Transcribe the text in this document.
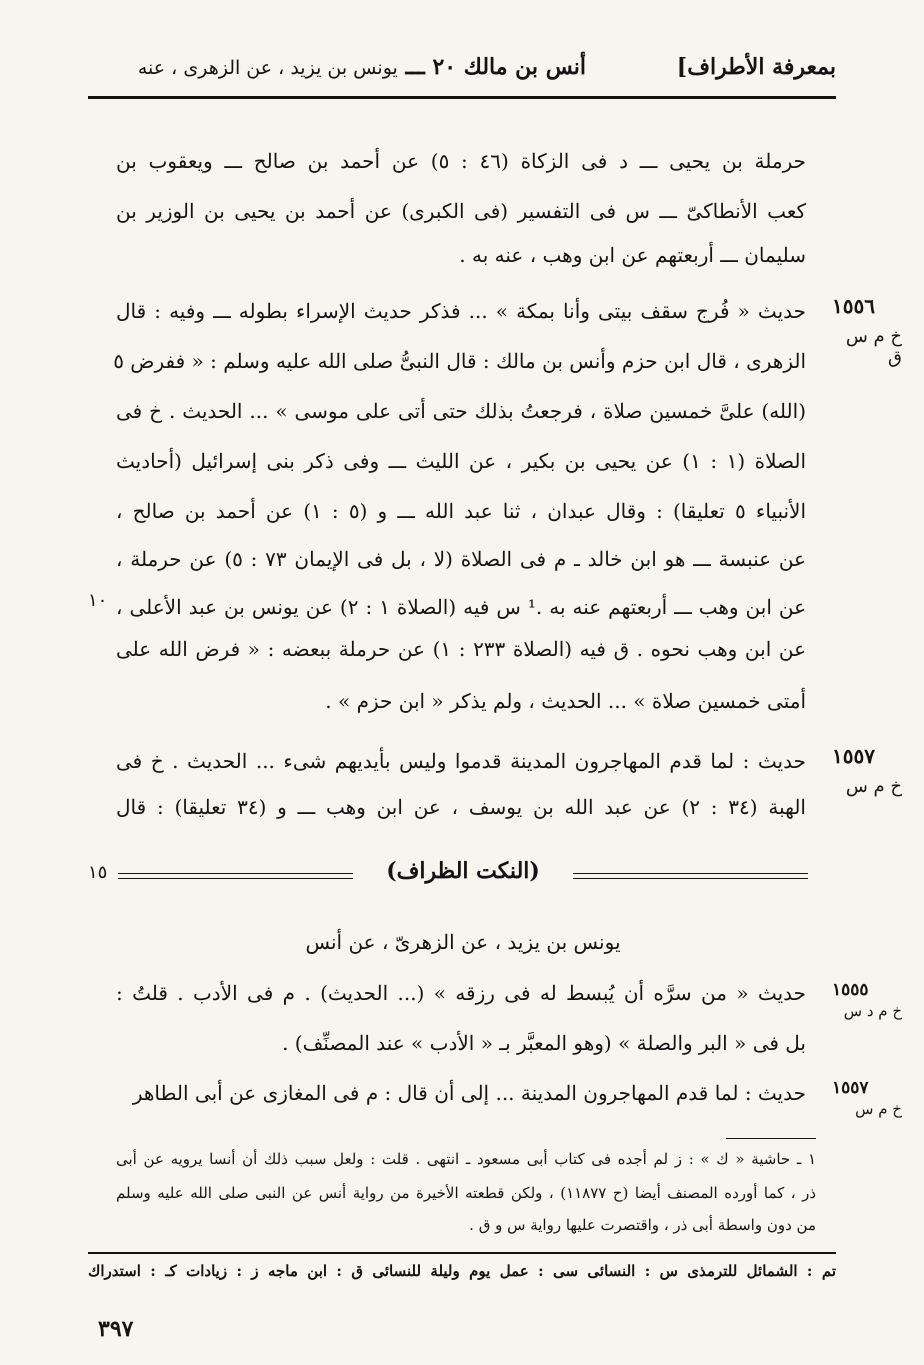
بمعرفة الأطراف]
أنس بن مالك ٢٠ ـــ يونس بن يزيد ، عن الزهرى ، عنه
حرملة بن يحيى ـــ د فى الزكاة (٤٦ : ٥) عن أحمد بن صالح ـــ ويعقوب بن
كعب الأنطاكىّ ـــ س فى التفسير (فى الكبرى) عن أحمد بن يحيى بن الوزير بن
سليمان ـــ أربعتهم عن ابن وهب ، عنه به .
١٥٥٦
خ م س ق
حديث « فُرج سقف بيتى وأنا بمكة » ... فذكر حديث الإسراء بطوله ـــ وفيه : قال
الزهرى ، قال ابن حزم وأنس بن مالك : قال النبىُّ صلى الله عليه وسلم : « ففرض ٥
(الله) علىَّ خمسين صلاة ، فرجعتُ بذلك حتى أتى على موسى » ... الحديث . خ فى
الصلاة (١ : ١) عن يحيى بن بكير ، عن الليث ـــ وفى ذكر بنى إسرائيل (أحاديث
الأنبياء ٥ تعليقا) : وقال عبدان ، ثنا عبد الله ـــ و (٥ : ١) عن أحمد بن صالح ،
عن عنبسة ـــ هو ابن خالد ـ م فى الصلاة (لا ، بل فى الإيمان ٧٣ : ٥) عن حرملة ،
عن ابن وهب ـــ أربعتهم عنه به .¹ س فيه (الصلاة ١ : ٢) عن يونس بن عبد الأعلى ،
١٠
عن ابن وهب نحوه . ق فيه (الصلاة ٢٣٣ : ١) عن حرملة ببعضه : « فرض الله على
أمتى خمسين صلاة » ... الحديث ، ولم يذكر « ابن حزم » .
١٥٥٧
خ م س
حديث : لما قدم المهاجرون المدينة قدموا وليس بأيديهم شىء ... الحديث . خ فى
الهبة (٣٤ : ٢) عن عبد الله بن يوسف ، عن ابن وهب ـــ و (٣٤ تعليقا) : قال
(النكت الظراف)
١٥
يونس بن يزيد ، عن الزهرىّ ، عن أنس
١٥٥٥
خ م د س
حديث « من سرَّه أن يُبسط له فى رزقه » (... الحديث) . م فى الأدب . قلتُ :
بل فى « البر والصلة » (وهو المعبَّر بـ « الأدب » عند المصنِّف) .
١٥٥٧
خ م س
حديث : لما قدم المهاجرون المدينة ... إلى أن قال : م فى المغازى عن أبى الطاهر
١ ـ حاشية « ك » : ز لم أجده فى كتاب أبى مسعود ـ انتهى . قلت : ولعل سبب ذلك أن أنسا يرويه عن أبى
ذر ، كما أورده المصنف أيضا (ح ١١٨٧٧) ، ولكن قطعته الأخيرة من رواية أنس عن النبى صلى الله عليه وسلم
من دون واسطة أبى ذر ، واقتصرت عليها رواية س و ق .
تم : الشمائل للترمذى س : النسائى سى : عمل يوم وليلة للنسائى ق : ابن ماجه ز : زيادات كـ : استدراك
٣٩٧
